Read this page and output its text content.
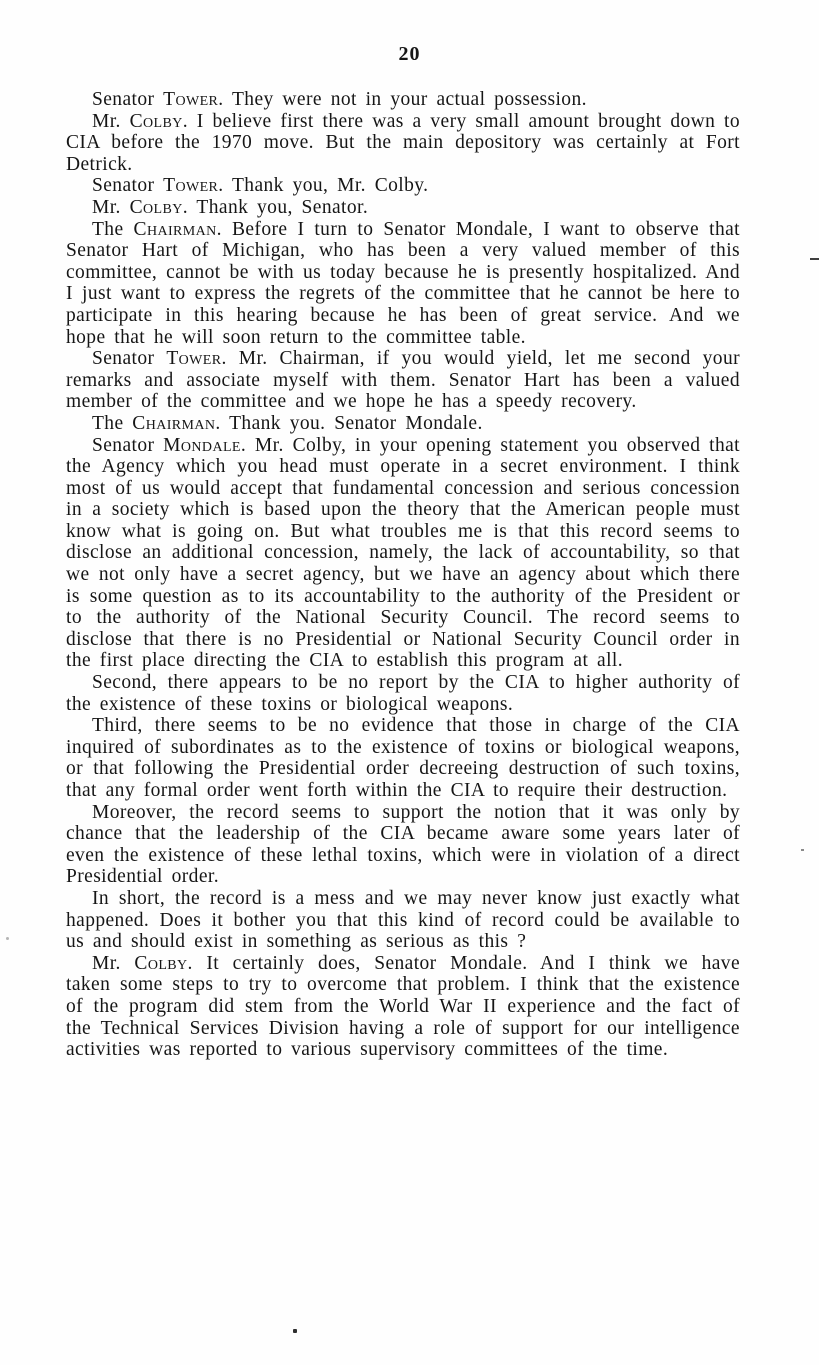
20

Senator Tower. They were not in your actual possession.

Mr. Colby. I believe first there was a very small amount brought down to CIA before the 1970 move. But the main depository was certainly at Fort Detrick.

Senator Tower. Thank you, Mr. Colby.

Mr. Colby. Thank you, Senator.

The Chairman. Before I turn to Senator Mondale, I want to observe that Senator Hart of Michigan, who has been a very valued member of this committee, cannot be with us today because he is presently hospitalized. And I just want to express the regrets of the committee that he cannot be here to participate in this hearing because he has been of great service. And we hope that he will soon return to the committee table.

Senator Tower. Mr. Chairman, if you would yield, let me second your remarks and associate myself with them. Senator Hart has been a valued member of the committee and we hope he has a speedy recovery.

The Chairman. Thank you. Senator Mondale.

Senator Mondale. Mr. Colby, in your opening statement you observed that the Agency which you head must operate in a secret environment. I think most of us would accept that fundamental concession and serious concession in a society which is based upon the theory that the American people must know what is going on. But what troubles me is that this record seems to disclose an additional concession, namely, the lack of accountability, so that we not only have a secret agency, but we have an agency about which there is some question as to its accountability to the authority of the President or to the authority of the National Security Council. The record seems to disclose that there is no Presidential or National Security Council order in the first place directing the CIA to establish this program at all.

Second, there appears to be no report by the CIA to higher authority of the existence of these toxins or biological weapons.

Third, there seems to be no evidence that those in charge of the CIA inquired of subordinates as to the existence of toxins or biological weapons, or that following the Presidential order decreeing destruction of such toxins, that any formal order went forth within the CIA to require their destruction.

Moreover, the record seems to support the notion that it was only by chance that the leadership of the CIA became aware some years later of even the existence of these lethal toxins, which were in violation of a direct Presidential order.

In short, the record is a mess and we may never know just exactly what happened. Does it bother you that this kind of record could be available to us and should exist in something as serious as this ?

Mr. Colby. It certainly does, Senator Mondale. And I think we have taken some steps to try to overcome that problem. I think that the existence of the program did stem from the World War II experience and the fact of the Technical Services Division having a role of support for our intelligence activities was reported to various supervisory committees of the time.
